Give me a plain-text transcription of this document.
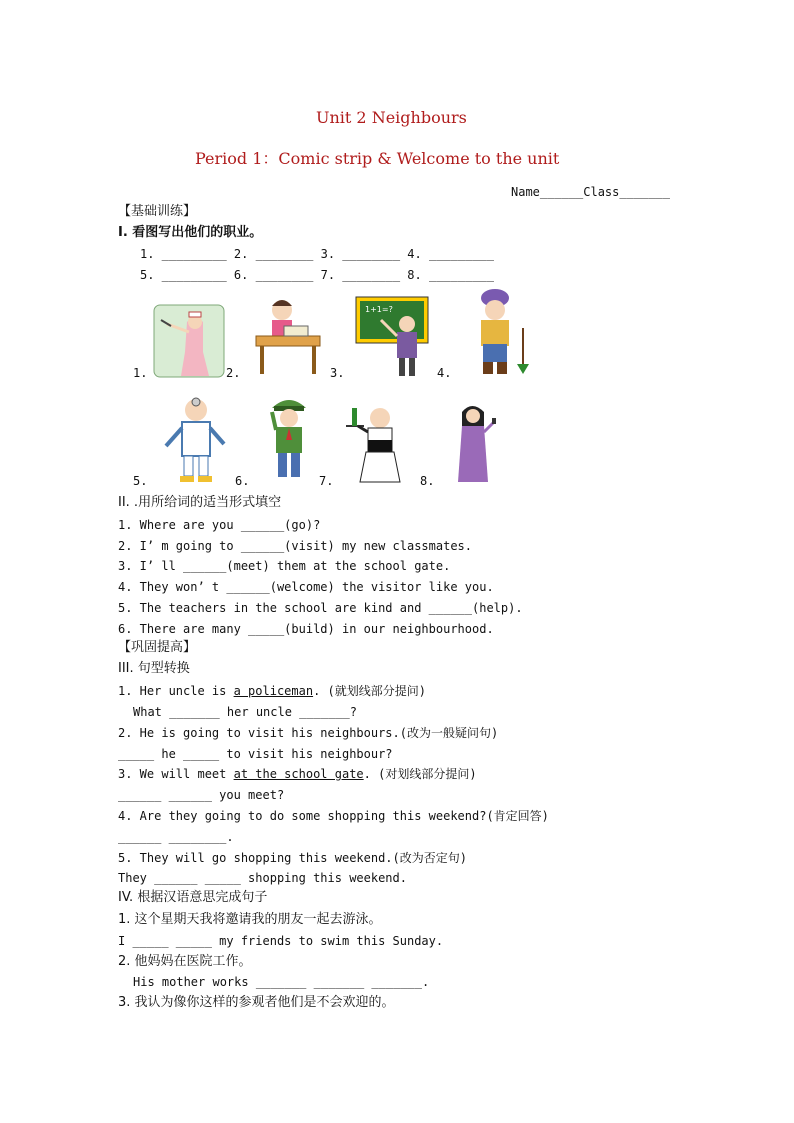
Unit 2 Neighbours
Period 1：Comic strip & Welcome to the unit
Name______Class_______
【基础训练】
I. 看图写出他们的职业。
1. _________ 2. ________ 3. ________ 4. _________
5. _________ 6. ________ 7. ________ 8. _________
1.	2.	3.
1+1=?
4.
5.	6.	7.	8.
II. .用所给词的适当形式填空
1. Where are you ______(go)?
2. I’ m going to ______(visit) my new classmates.
3. I’ ll ______(meet) them at the school gate.
4. They won’ t ______(welcome) the visitor like you.
5. The teachers in the school are kind and ______(help).
6. There are many _____(build) in our neighbourhood.
【巩固提高】
III. 句型转换
1. Her uncle is a policeman. (就划线部分提问)
What _______ her uncle _______?
2. He is going to visit his neighbours.(改为一般疑问句)
_____ he _____ to visit his neighbour?
3. We will meet at the school gate. (对划线部分提问)
______ ______ you meet?
4. Are they going to do some shopping this weekend?(肯定回答)
______ ________.
5. They will go shopping this weekend.(改为否定句)
They ______ _____ shopping this weekend.
IV. 根据汉语意思完成句子
1. 这个星期天我将邀请我的朋友一起去游泳。
I _____ _____ my friends to swim this Sunday.
2. 他妈妈在医院工作。
His mother works _______ _______ _______.
3. 我认为像你这样的参观者他们是不会欢迎的。
